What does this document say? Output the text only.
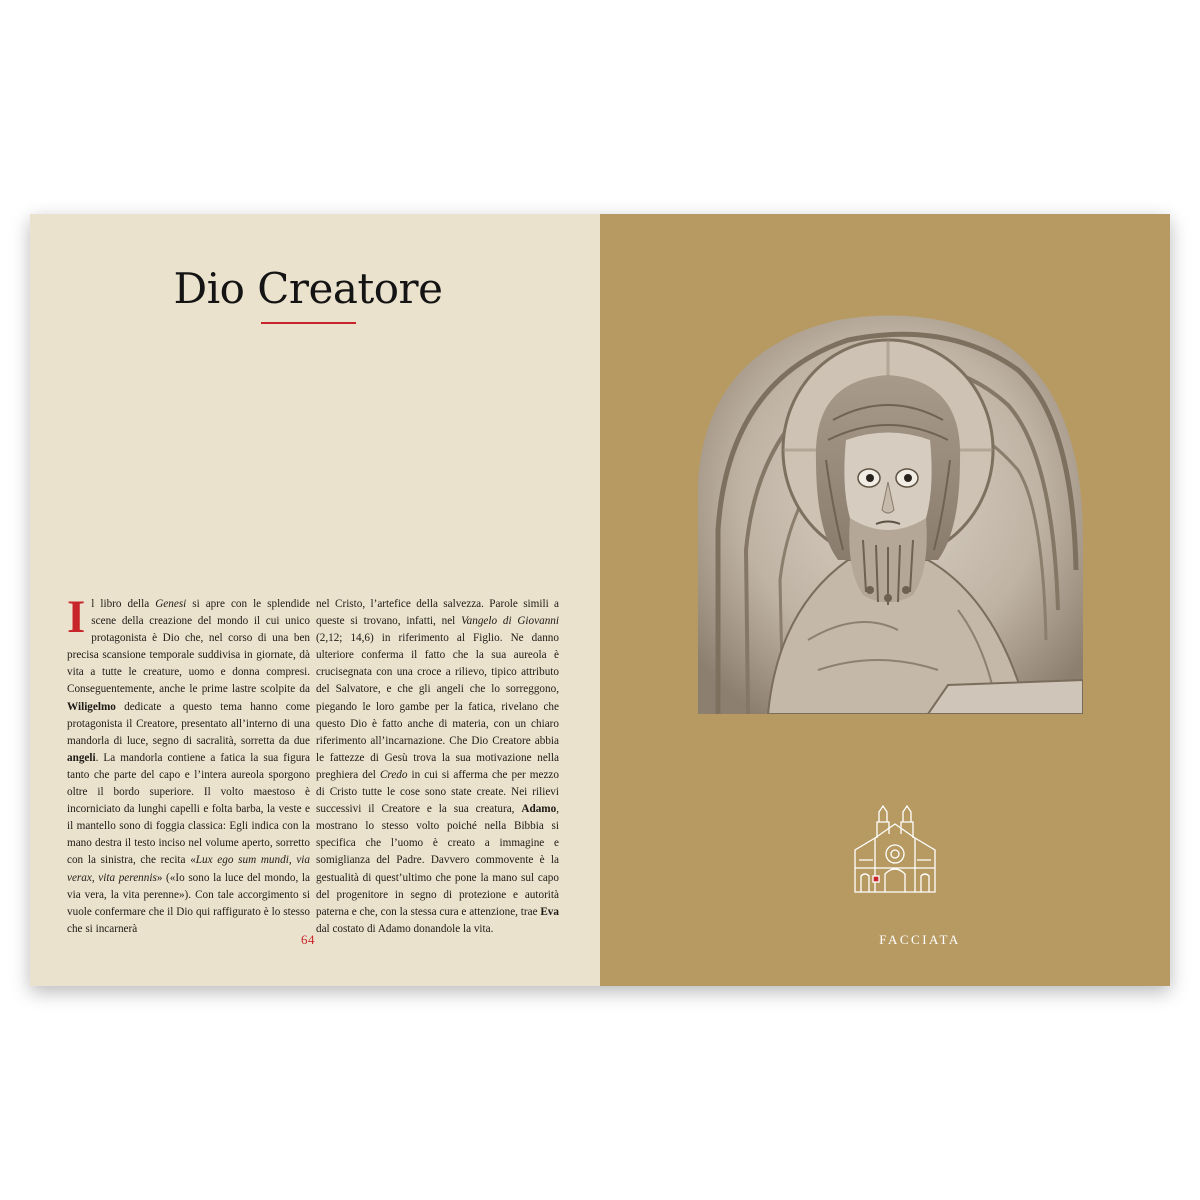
Dio Creatore

Il libro della Genesi si apre con le splendide scene della creazione del mondo il cui unico protagonista è Dio che, nel corso di una ben precisa scansione temporale suddivisa in giornate, dà vita a tutte le creature, uomo e donna compresi. Conseguentemente, anche le prime lastre scolpite da Wiligelmo dedicate a questo tema hanno come protagonista il Creatore, presentato all’interno di una mandorla di luce, segno di sacralità, sorretta da due angeli. La mandorla contiene a fatica la sua figura tanto che parte del capo e l’intera aureola sporgono oltre il bordo superiore. Il volto maestoso è incorniciato da lunghi capelli e folta barba, la veste e il mantello sono di foggia classica: Egli indica con la mano destra il testo inciso nel volume aperto, sorretto con la sinistra, che recita «Lux ego sum mundi, via verax, vita perennis» («Io sono la luce del mondo, la via vera, la vita perenne»). Con tale accorgimento si vuole confermare che il Dio qui raffigurato è lo stesso che si incarnerà

nel Cristo, l’artefice della salvezza. Parole simili a queste si trovano, infatti, nel Vangelo di Giovanni (2,12; 14,6) in riferimento al Figlio. Ne danno ulteriore conferma il fatto che la sua aureola è crucisegnata con una croce a rilievo, tipico attributo del Salvatore, e che gli angeli che lo sorreggono, piegando le loro gambe per la fatica, rivelano che questo Dio è fatto anche di materia, con un chiaro riferimento all’incarnazione. Che Dio Creatore abbia le fattezze di Gesù trova la sua motivazione nella preghiera del Credo in cui si afferma che per mezzo di Cristo tutte le cose sono state create. Nei rilievi successivi il Creatore e la sua creatura, Adamo, mostrano lo stesso volto poiché nella Bibbia si specifica che l’uomo è creato a immagine e somiglianza del Padre. Davvero commovente è la gestualità di quest’ultimo che pone la mano sul capo del progenitore in segno di protezione e autorità paterna e che, con la stessa cura e attenzione, trae Eva dal costato di Adamo donandole la vita.

64	FACCIATA
